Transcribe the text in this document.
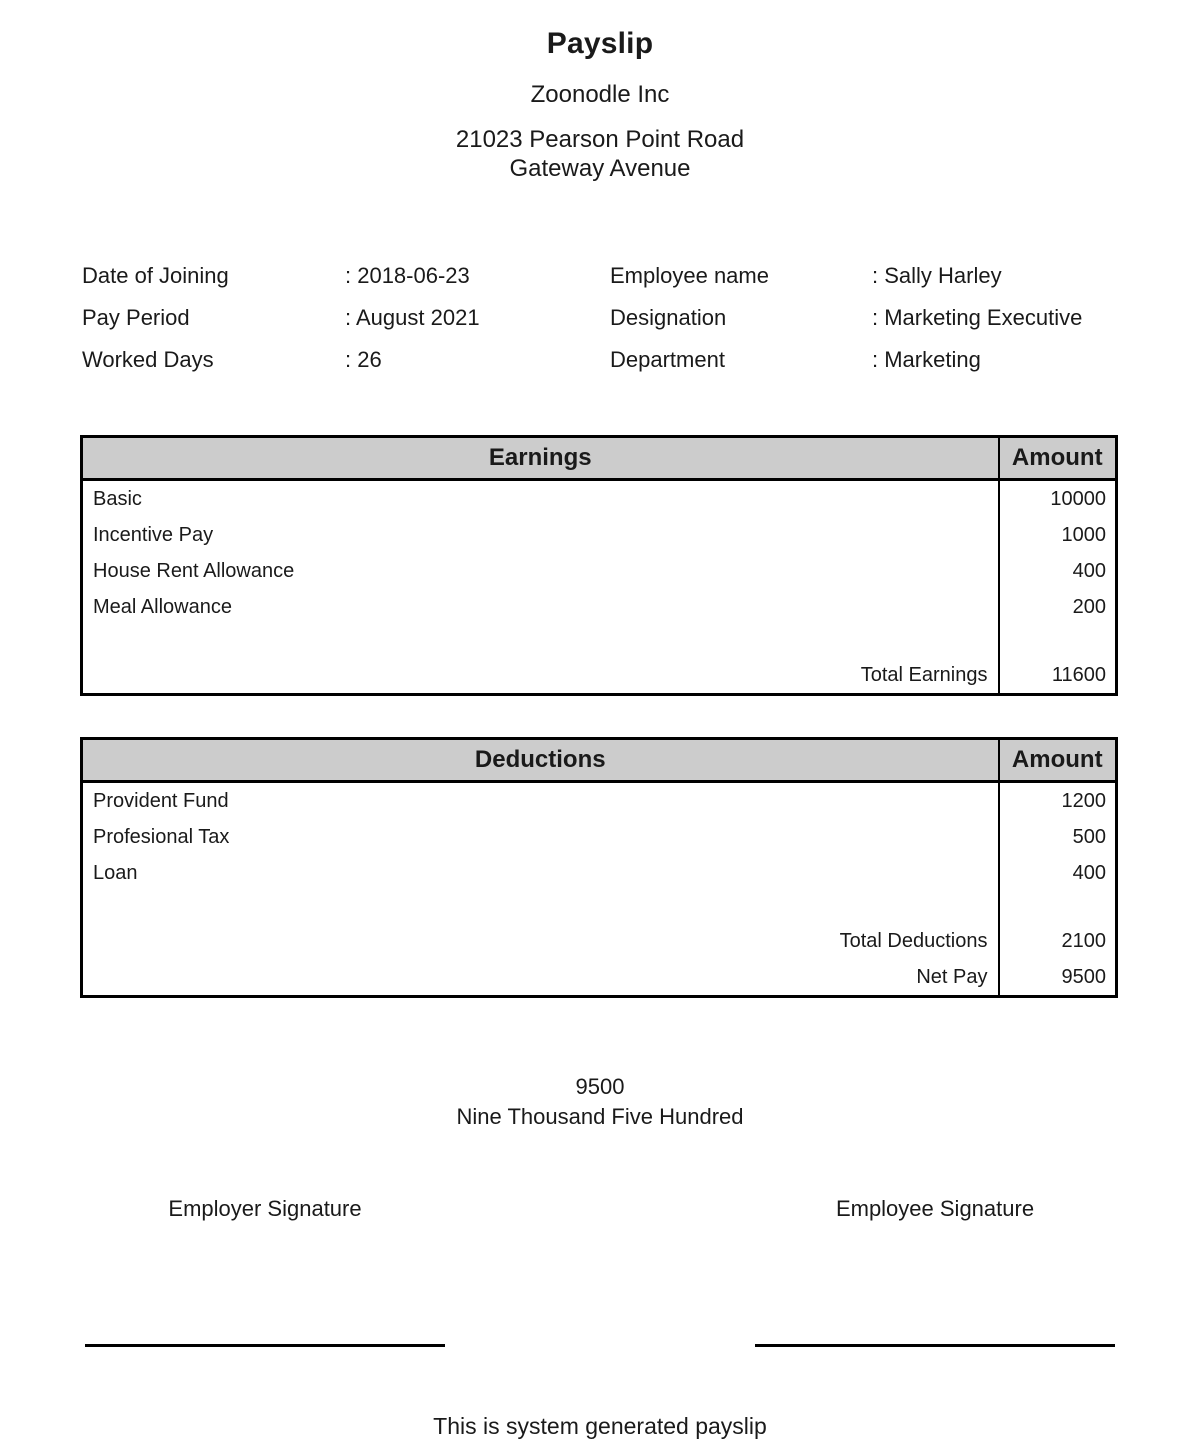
Payslip
Zoonodle Inc
21023 Pearson Point Road
Gateway Avenue
Date of Joining	: 2018-06-23
Pay Period	: August 2021
Worked Days	: 26
Employee name	: Sally Harley
Designation	: Marketing Executive
Department	: Marketing
Earnings	Amount
Basic	10000
Incentive Pay	1000
House Rent Allowance	400
Meal Allowance	200

Total Earnings	11600
Deductions	Amount
Provident Fund	1200
Profesional Tax	500
Loan	400

Total Deductions	2100
Net Pay	9500
9500
Nine Thousand Five Hundred
Employer Signature	Employee Signature
This is system generated payslip
